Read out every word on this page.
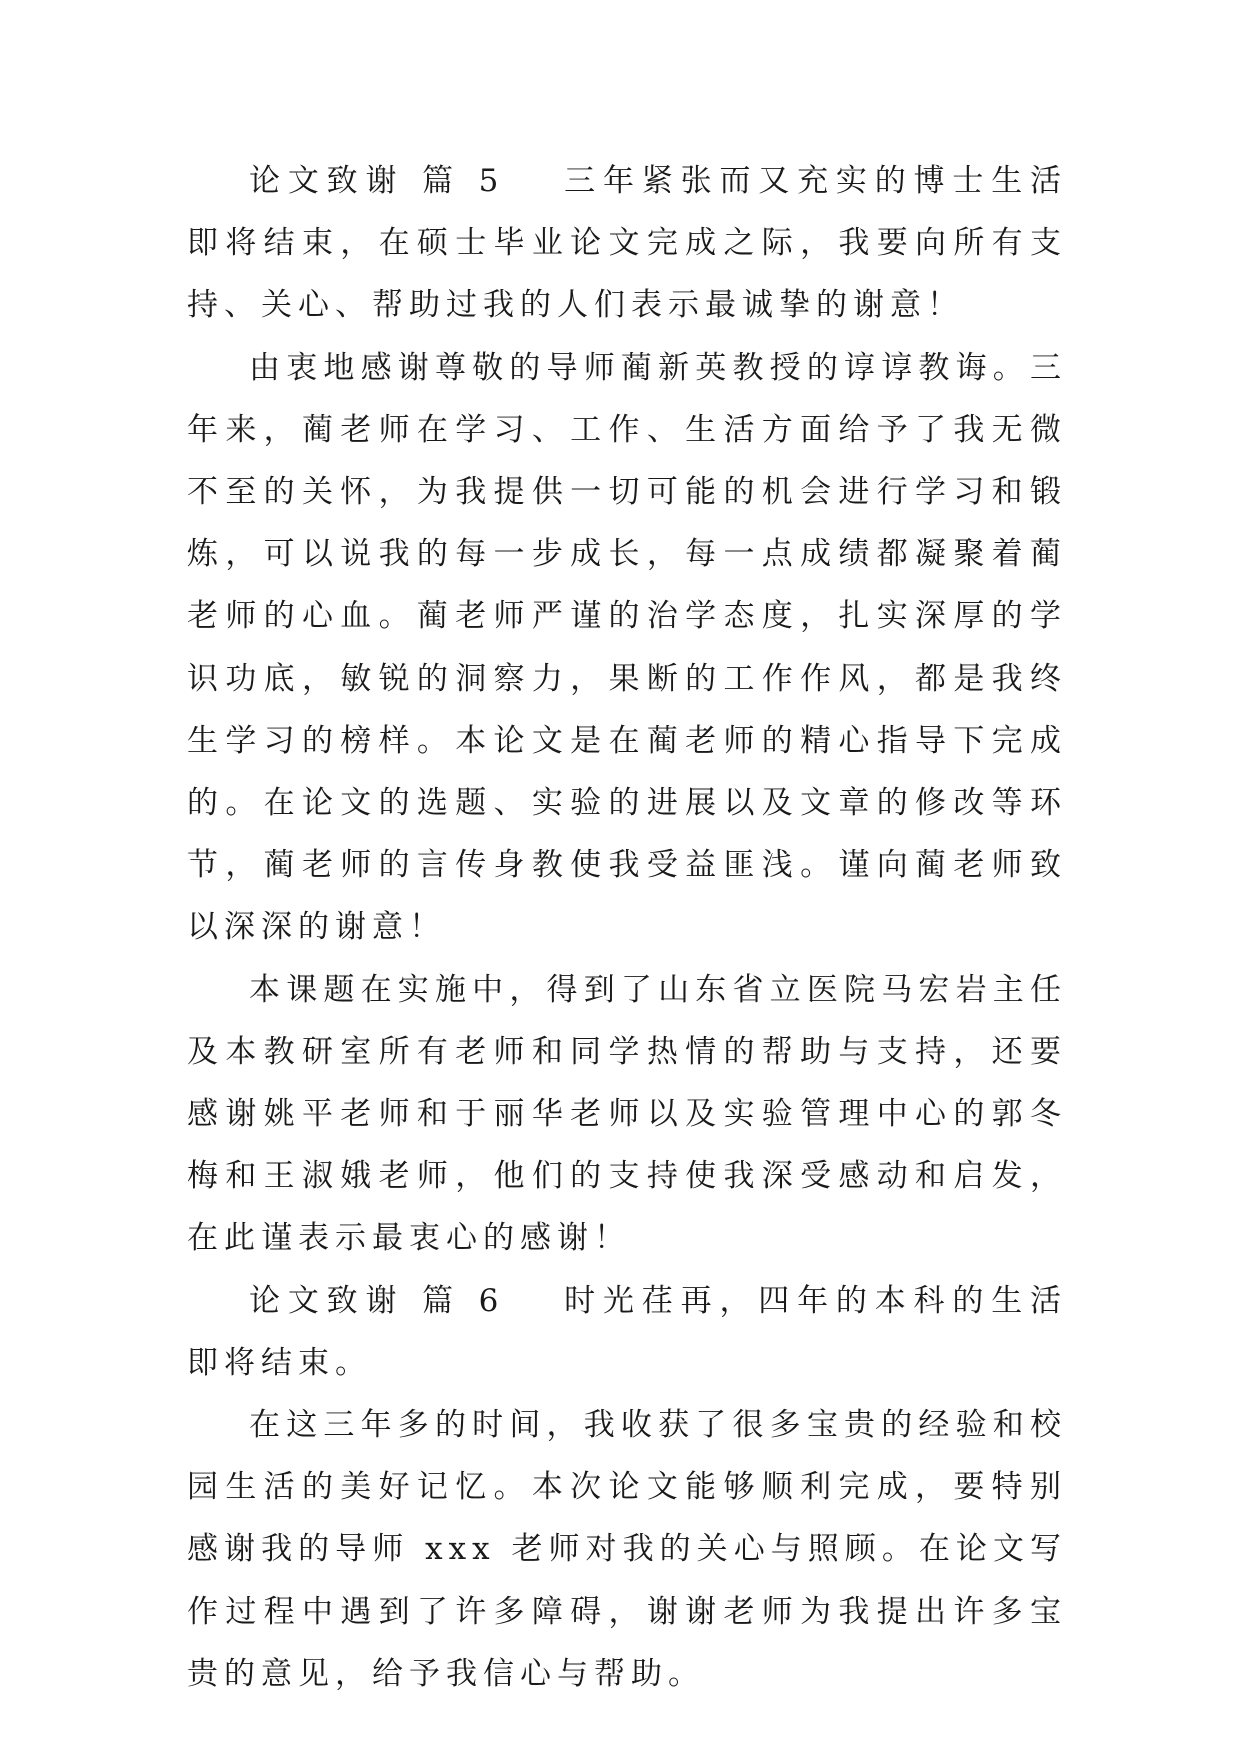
论文致谢 篇 5 三年紧张而又充实的博士生活即将结束，在硕士毕业论文完成之际，我要向所有支持、关心、帮助过我的人们表示最诚挚的谢意！

由衷地感谢尊敬的导师蔺新英教授的谆谆教诲。三年来，蔺老师在学习、工作、生活方面给予了我无微不至的关怀，为我提供一切可能的机会进行学习和锻炼，可以说我的每一步成长，每一点成绩都凝聚着蔺老师的心血。蔺老师严谨的治学态度，扎实深厚的学识功底，敏锐的洞察力，果断的工作作风，都是我终生学习的榜样。本论文是在蔺老师的精心指导下完成的。在论文的选题、实验的进展以及文章的修改等环节，蔺老师的言传身教使我受益匪浅。谨向蔺老师致以深深的谢意！

本课题在实施中，得到了山东省立医院马宏岩主任及本教研室所有老师和同学热情的帮助与支持，还要感谢姚平老师和于丽华老师以及实验管理中心的郭冬梅和王淑娥老师，他们的支持使我深受感动和启发，在此谨表示最衷心的感谢！

论文致谢 篇 6 时光荏再，四年的本科的生活即将结束。

在这三年多的时间，我收获了很多宝贵的经验和校园生活的美好记忆。本次论文能够顺利完成，要特别感谢我的导师 xxx 老师对我的关心与照顾。在论文写作过程中遇到了许多障碍，谢谢老师为我提出许多宝贵的意见，给予我信心与帮助。
